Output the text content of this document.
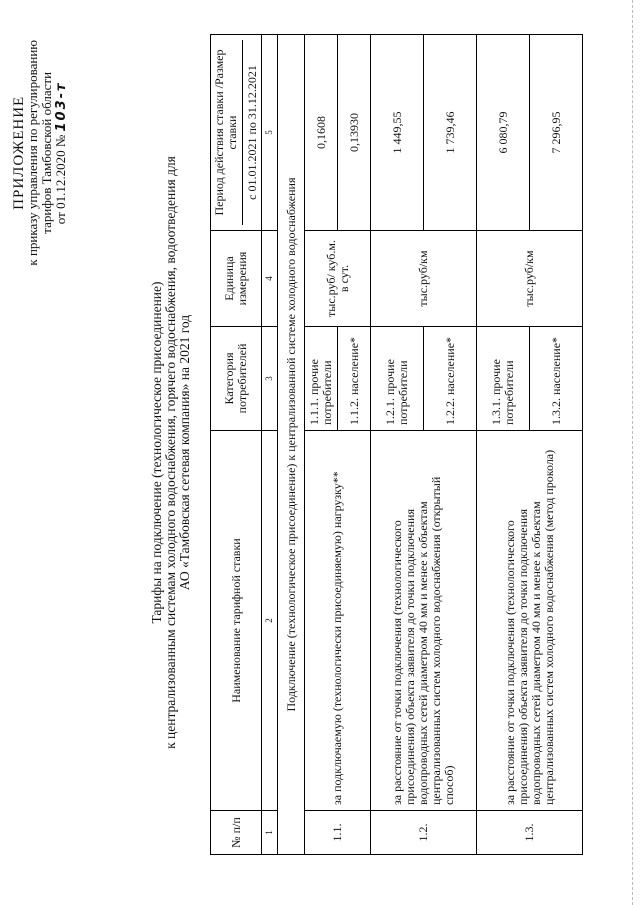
ПРИЛОЖЕНИЕ
к приказу управления по регулированию тарифов Тамбовской области от 01.12.2020 № 103-т
Тарифы на подключение (технологическое присоединение) к централизованным системам холодного водоснабжения, горячего водоснабжения, водоотведения для АО «Тамбовская сетевая компания» на 2021 год
№ п/п	Наименование тарифной ставки	Категория потребителей	Единица измерения	Период действия ставки /Размер ставки с 01.01.2021 по 31.12.2021
1	2	3	4	5
Подключение (технологическое присоединение) к централизованной системе холодного водоснабжения				
1.1.	за подключаемую (технологически присоединяемую) нагрузку**	1.1.1. прочие потребители	тыс.руб/ куб.м. в сут.	0,1608
		1.1.2. население*		0,13930
1.2.	за расстояние от точки подключения (технологического присоединения) объекта заявителя до точки подключения водопроводных сетей диаметром 40 мм и менее к объектам централизованных систем холодного водоснабжения (открытый способ)	1.2.1. прочие потребители	тыс.руб/км	1 449,55
		1.2.2. население*		1 739,46
1.3.	за расстояние от точки подключения (технологического присоединения) объекта заявителя до точки подключения водопроводных сетей диаметром 40 мм и менее к объектам централизованных систем холодного водоснабжения (метод прокола)	1.3.1. прочие потребители	тыс.руб/км	6 080,79
		1.3.2. население*		7 296,95
